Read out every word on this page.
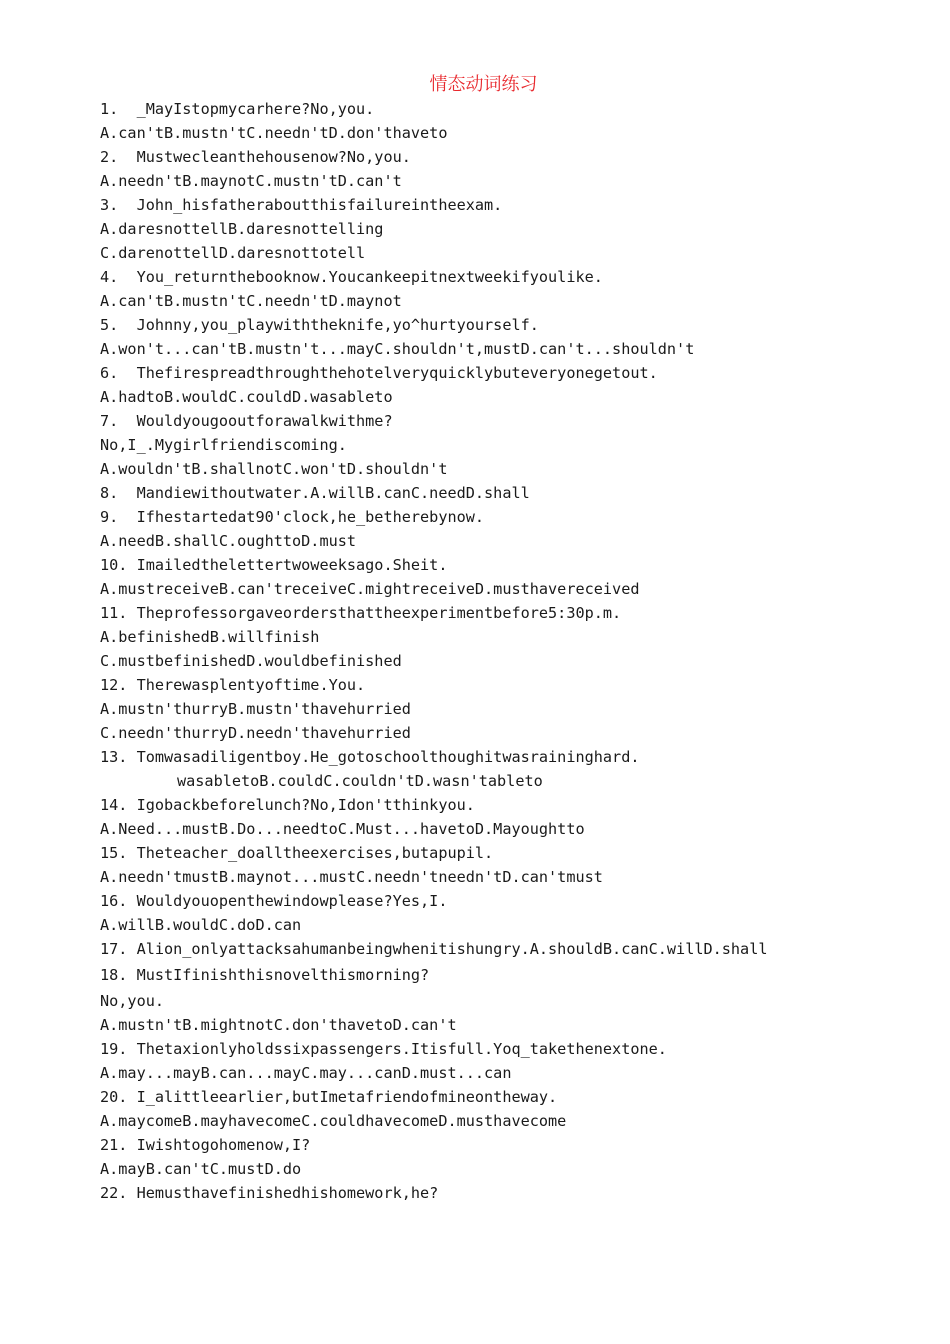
情态动词练习
1.  _MayIstopmycarhere?No,you.
A.can'tB.mustn'tC.needn'tD.don'thaveto
2.  Mustwecleanthehousenow?No,you.
A.needn'tB.maynotC.mustn'tD.can't
3.  John_hisfatheraboutthisfailureintheexam.
A.daresnottellB.daresnottelling
C.darenottellD.daresnottotell
4.  You_returnthebooknow.Youcankeepitnextweekifyoulike.
A.can'tB.mustn'tC.needn'tD.maynot
5.  Johnny,you_playwiththeknife,yo^hurtyourself.
A.won't...can'tB.mustn't...mayC.shouldn't,mustD.can't...shouldn't
6.  Thefirespreadthroughthehotelveryquicklybuteveryonegetout.
A.hadtoB.wouldC.couldD.wasableto
7.  Wouldyougooutforawalkwithme?
No,I_.Mygirlfriendiscoming.
A.wouldn'tB.shallnotC.won'tD.shouldn't
8.  Mandiewithoutwater.A.willB.canC.needD.shall
9.  Ifhestartedat90'clock,he_betherebynow.
A.needB.shallC.oughttoD.must
10. Imailedthelettertwoweeksago.Sheit.
A.mustreceiveB.can'treceiveC.mightreceiveD.musthavereceived
11. Theprofessorgaveordersthattheexperimentbefore5:30p.m.
A.befinishedB.willfinish
C.mustbefinishedD.wouldbefinished
12. Therewasplentyoftime.You.
A.mustn'thurryB.mustn'thavehurried
C.needn'thurryD.needn'thavehurried
13. Tomwasadiligentboy.He_gotoschoolthoughitwasraininghard.
wasabletoB.couldC.couldn'tD.wasn'tableto
14. Igobackbeforelunch?No,Idon'tthinkyou.
A.Need...mustB.Do...needtoC.Must...havetoD.Mayoughtto
15. Theteacher_doalltheexercises,butapupil.
A.needn'tmustB.maynot...mustC.needn'tneedn'tD.can'tmust
16. Wouldyouopenthewindowplease?Yes,I.
A.willB.wouldC.doD.can
17. Alion_onlyattacksahumanbeingwhenitishungry.A.shouldB.canC.willD.shall
18. MustIfinishthisnovelthismorning?
No,you.
A.mustn'tB.mightnotC.don'thavetoD.can't
19. Thetaxionlyholdssixpassengers.Itisfull.Yoq_takethenextone.
A.may...mayB.can...mayC.may...canD.must...can
20. I_alittleearlier,butImetafriendofmineontheway.
A.maycomeB.mayhavecomeC.couldhavecomeD.musthavecome
21. Iwishtogohomenow,I?
A.mayB.can'tC.mustD.do
22. Hemusthavefinishedhishomework,he?
